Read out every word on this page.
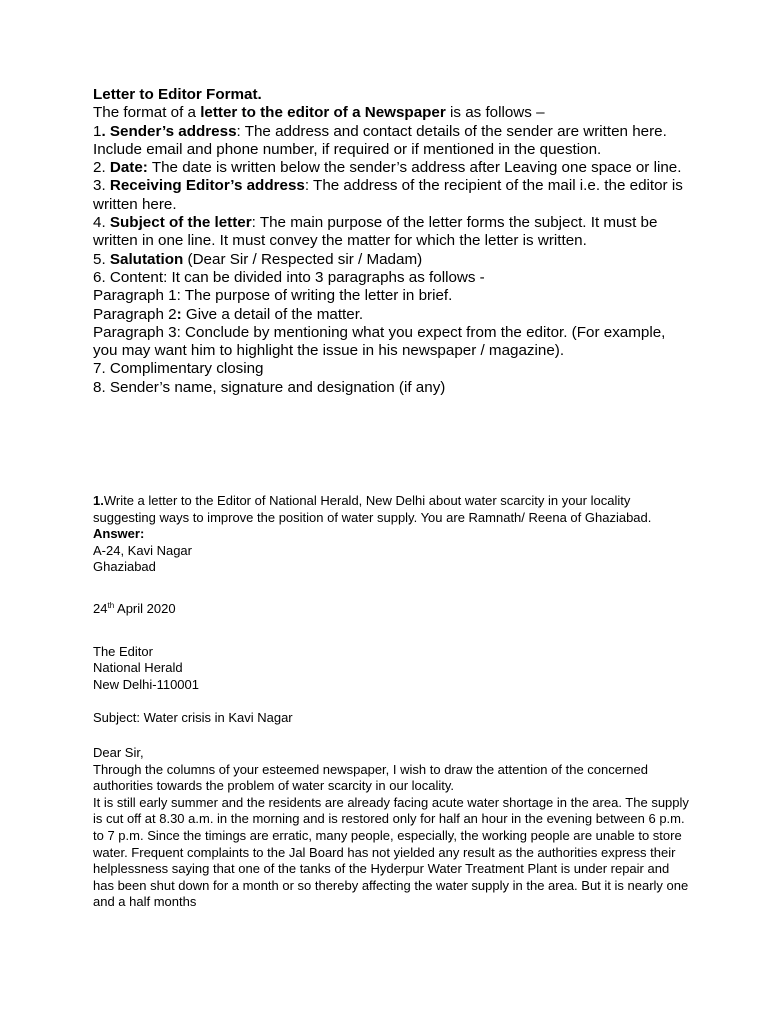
Letter to Editor Format.

The format of a letter to the editor of a Newspaper is as follows –

1. Sender’s address: The address and contact details of the sender are written here. Include email and phone number, if required or if mentioned in the question.

2. Date: The date is written below the sender’s address after Leaving one space or line.

3. Receiving Editor’s address: The address of the recipient of the mail i.e. the editor is written here.

4. Subject of the letter: The main purpose of the letter forms the subject. It must be written in one line. It must convey the matter for which the letter is written.

5. Salutation (Dear Sir / Respected sir / Madam)

6. Content: It can be divided into 3 paragraphs as follows -

Paragraph 1: The purpose of writing the letter in brief.

Paragraph 2: Give a detail of the matter.

Paragraph 3: Conclude by mentioning what you expect from the editor. (For example, you may want him to highlight the issue in his newspaper / magazine).

7. Complimentary closing

8. Sender’s name, signature and designation (if any)

1.Write a letter to the Editor of National Herald, New Delhi about water scarcity in your locality suggesting ways to improve the position of water supply. You are Ramnath/ Reena of Ghaziabad.

Answer:

A-24, Kavi Nagar

Ghaziabad

24th April 2020

The Editor

National Herald

New Delhi-110001

Subject: Water crisis in Kavi Nagar

Dear Sir,

Through the columns of your esteemed newspaper, I wish to draw the attention of the concerned authorities towards the problem of water scarcity in our locality.

It is still early summer and the residents are already facing acute water shortage in the area. The supply is cut off at 8.30 a.m. in the morning and is restored only for half an hour in the evening between 6 p.m. to 7 p.m. Since the timings are erratic, many people, especially, the working people are unable to store water. Frequent complaints to the Jal Board has not yielded any result as the authorities express their helplessness saying that one of the tanks of the Hyderpur Water Treatment Plant is under repair and has been shut down for a month or so thereby affecting the water supply in the area. But it is nearly one and a half months
